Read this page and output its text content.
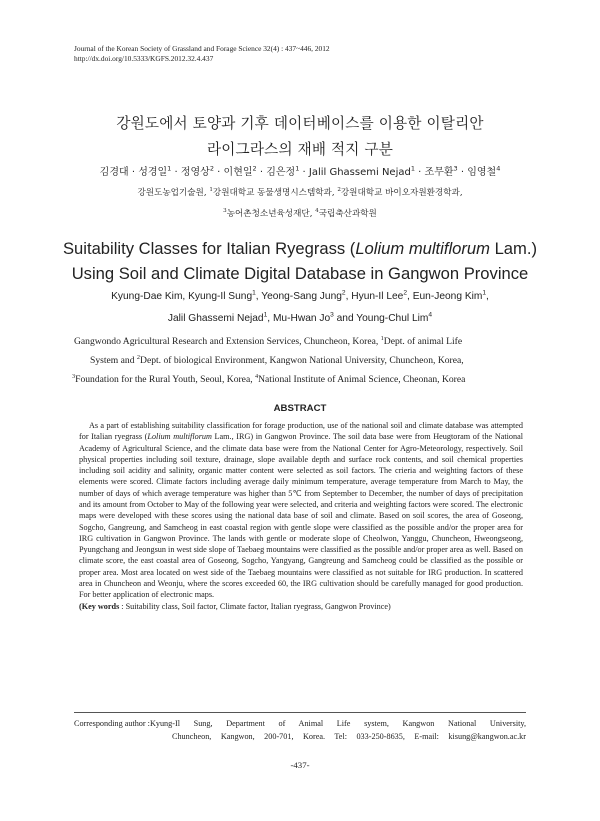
Journal of the Korean Society of Grassland and Forage Science 32(4) : 437~446, 2012
http://dx.doi.org/10.5333/KGFS.2012.32.4.437
강원도에서 토양과 기후 데이터베이스를 이용한 이탈리안
라이그라스의 재배 적지 구분
김경대 · 성경일$^1$ · 정영상$^2$ · 이현일$^2$ · 김은정$^1$ · Jalil Ghassemi Nejad$^1$ · 조무환$^3$ · 임영철$^4$
강원도농업기술원, $^1$강원대학교 동물생명시스템학과, $^2$강원대학교 바이오자원환경학과,
$^3$농어촌청소년육성재단, $^4$국립축산과학원
Suitability Classes for Italian Ryegrass (Lolium multiflorum Lam.)
Using Soil and Climate Digital Database in Gangwon Province
Kyung-Dae Kim, Kyung-Il Sung$^1$, Yeong-Sang Jung$^2$, Hyun-Il Lee$^2$, Eun-Jeong Kim$^1$,
Jalil Ghassemi Nejad$^1$, Mu-Hwan Jo$^3$ and Young-Chul Lim$^4$
Gangwondo Agricultural Research and Extension Services, Chuncheon, Korea, $^1$Dept. of animal Life
System and $^2$Dept. of biological Environment, Kangwon National University, Chuncheon, Korea,
$^3$Foundation for the Rural Youth, Seoul, Korea, $^4$National Institute of Animal Science, Cheonan, Korea
ABSTRACT

As a part of establishing suitability classification for forage production, use of the national soil and climate database was attempted for Italian ryegrass (Lolium multiflorum Lam., IRG) in Gangwon Province. The soil data base were from Heugtoram of the National Academy of Agricultural Science, and the climate data base were from the National Center for Agro-Meteorology, respectively. Soil physical properties including soil texture, drainage, slope available depth and surface rock contents, and soil chemical properties including soil acidity and salinity, organic matter content were selected as soil factors. The crieria and weighting factors of these elements were scored. Climate factors including average daily minimum temperature, average temperature from March to May, the number of days of which average temperature was higher than 5℃ from September to December, the number of days of precipitation and its amount from October to May of the following year were selected, and criteria and weighting factors were scored. The electronic maps were developed with these scores using the national data base of soil and climate. Based on soil scores, the area of Goseong, Sogcho, Gangreung, and Samcheog in east coastal region with gentle slope were classified as the possible and/or the proper area for IRG cultivation in Gangwon Province. The lands with gentle or moderate slope of Cheolwon, Yanggu, Chuncheon, Hweongseong, Pyungchang and Jeongsun in west side slope of Taebaeg mountains were classified as the possible and/or proper area as well. Based on climate score, the east coastal area of Goseong, Sogcho, Yangyang, Gangreung and Samcheog could be classified as the possible or proper area. Most area located on west side of the Taebaeg mountains were classified as not suitable for IRG production. In scattered area in Chuncheon and Weonju, where the scores exceeded 60, the IRG cultivation should be carefully managed for good production. For better application of electronic maps.

(Key words : Suitability class, Soil factor, Climate factor, Italian ryegrass, Gangwon Province)
Corresponding author : Kyung-Il Sung, Department of Animal Life system, Kangwon National University,
Chuncheon, Kangwon, 200-701, Korea. Tel: 033-250-8635, E-mail: kisung@kangwon.ac.kr
-437-
